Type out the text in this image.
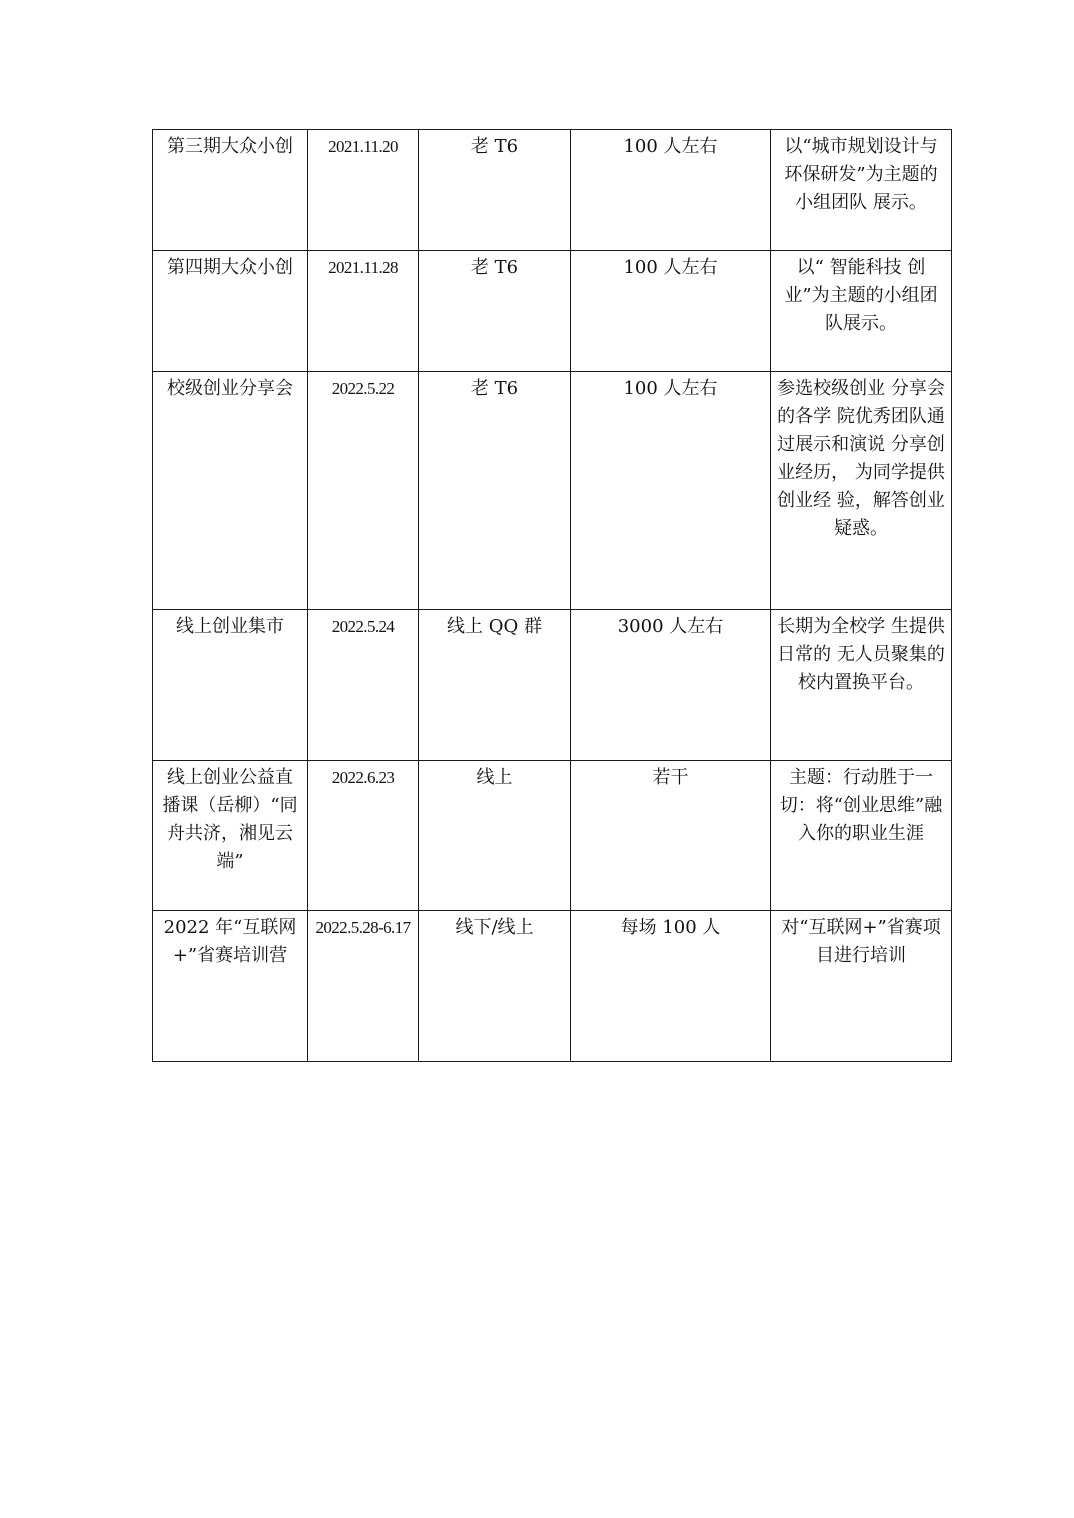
第三期大众小创	2021.11.20	老 T6	100 人左右	以“城市规划设计与环保研发”为主题的小组团队 展示。

第四期大众小创	2021.11.28	老 T6	100 人左右	以“ 智能科技 创业”为主题的小组团队展示。

校级创业分享会	2022.5.22	老 T6	100 人左右	参选校级创业 分享会的各学 院优秀团队通 过展示和演说 分享创业经历， 为同学提供创业经 验，解答创业疑惑。

线上创业集市	2022.5.24	线上 QQ 群	3000 人左右	长期为全校学 生提供日常的 无人员聚集的 校内置换平台。

线上创业公益直播课（岳柳）“同舟共济，湘见云端”	2022.6.23	线上	若干	主题：行动胜于一切：将“创业思维”融入你的职业生涯

2022 年“互联网+”省赛培训营	2022.5.28-6.17	线下/线上	每场 100 人	对“互联网+”省赛项目进行培训
